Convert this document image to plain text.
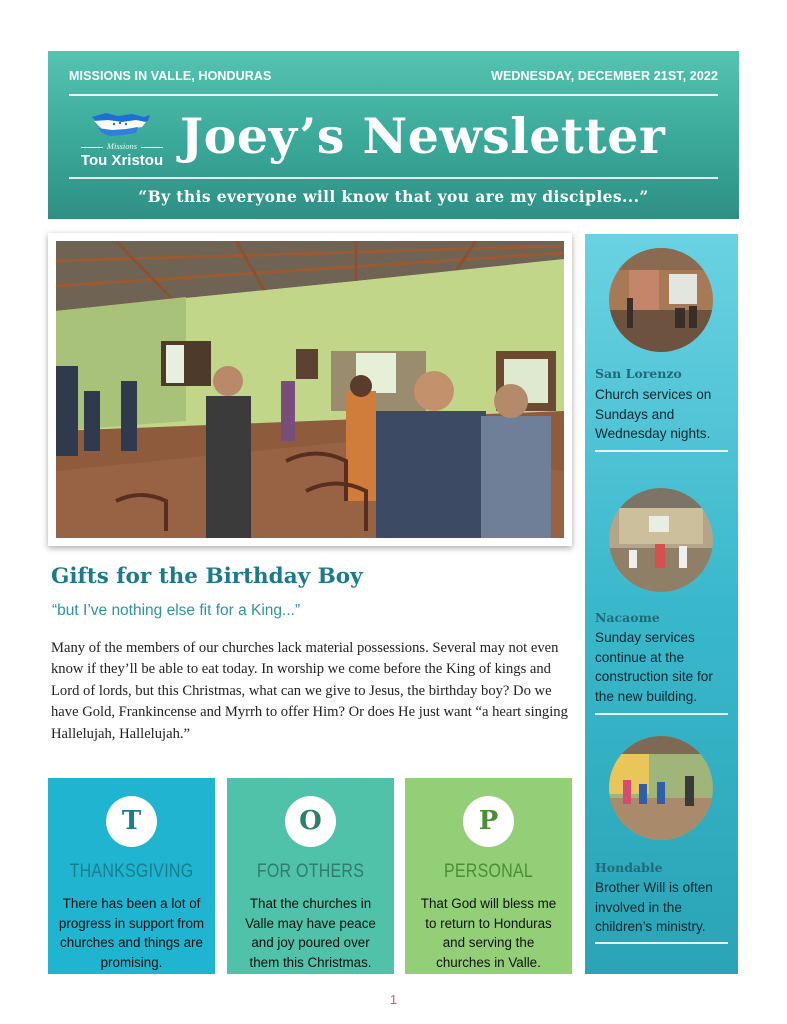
MISSIONS IN VALLE, HONDURAS	WEDNESDAY, DECEMBER 21ST, 2022
Missions
Tou Xristou Joey’s Newsletter
“By this everyone will know that you are my disciples...”
Gifts for the Birthday Boy
“but I’ve nothing else fit for a King...”
Many of the members of our churches lack material possessions. Several may not even know if they’ll be able to eat today. In worship we come before the King of kings and Lord of lords, but this Christmas, what can we give to Jesus, the birthday boy? Do we have Gold, Frankincense and Myrrh to offer Him? Or does He just want “a heart singing Hallelujah, Hallelujah.”
T
THANKSGIVING
There has been a lot of progress in support from churches and things are promising.
O
FOR OTHERS
That the churches in Valle may have peace and joy poured over them this Christmas.
P
PERSONAL
That God will bless me to return to Honduras and serving the churches in Valle.
San Lorenzo
Church services on Sundays and Wednesday nights.
Nacaome
Sunday services continue at the construction site for the new building.
Hondable
Brother Will is often involved in the children’s ministry.
1
